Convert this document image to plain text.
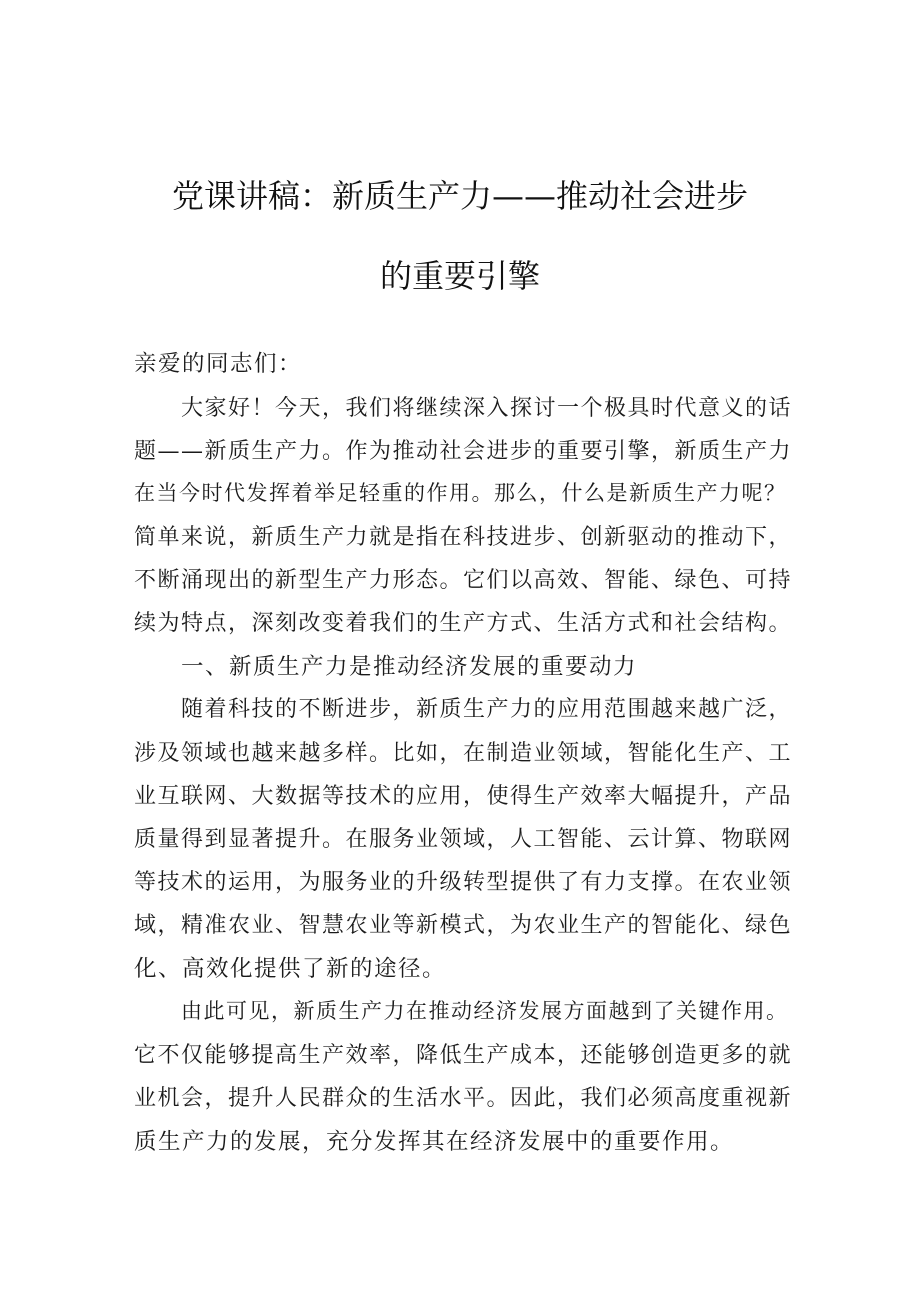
党课讲稿：新质生产力——推动社会进步
的重要引擎
亲爱的同志们：
大家好！今天，我们将继续深入探讨一个极具时代意义的话
题——新质生产力。作为推动社会进步的重要引擎，新质生产力
在当今时代发挥着举足轻重的作用。那么，什么是新质生产力呢？
简单来说，新质生产力就是指在科技进步、创新驱动的推动下，
不断涌现出的新型生产力形态。它们以高效、智能、绿色、可持
续为特点，深刻改变着我们的生产方式、生活方式和社会结构。
一、新质生产力是推动经济发展的重要动力
随着科技的不断进步，新质生产力的应用范围越来越广泛，
涉及领域也越来越多样。比如，在制造业领域，智能化生产、工
业互联网、大数据等技术的应用，使得生产效率大幅提升，产品
质量得到显著提升。在服务业领域，人工智能、云计算、物联网
等技术的运用，为服务业的升级转型提供了有力支撑。在农业领
域，精准农业、智慧农业等新模式，为农业生产的智能化、绿色
化、高效化提供了新的途径。
由此可见，新质生产力在推动经济发展方面越到了关键作用。
它不仅能够提高生产效率，降低生产成本，还能够创造更多的就
业机会，提升人民群众的生活水平。因此，我们必须高度重视新
质生产力的发展，充分发挥其在经济发展中的重要作用。
